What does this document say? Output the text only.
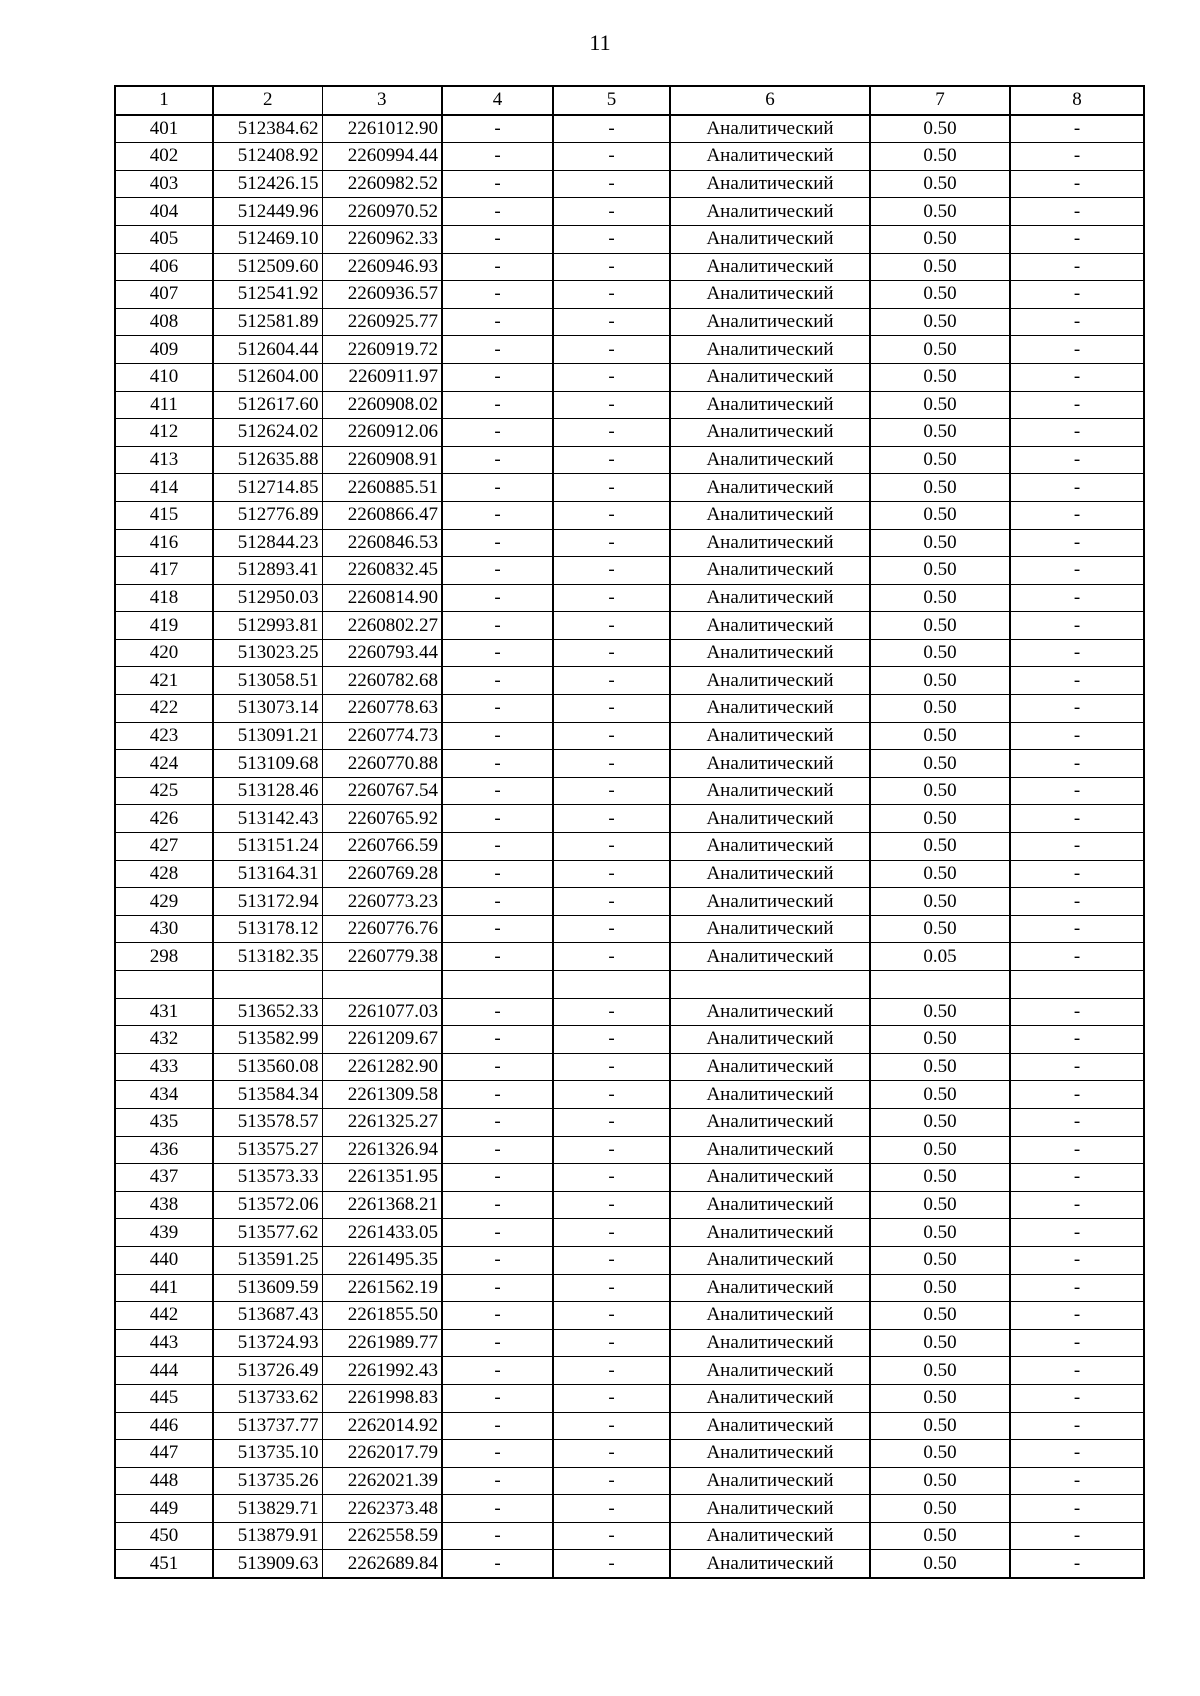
11
1	2	3	4	5	6	7	8
401	512384.62	2261012.90	-	-	Аналитический	0.50	-
402	512408.92	2260994.44	-	-	Аналитический	0.50	-
403	512426.15	2260982.52	-	-	Аналитический	0.50	-
404	512449.96	2260970.52	-	-	Аналитический	0.50	-
405	512469.10	2260962.33	-	-	Аналитический	0.50	-
406	512509.60	2260946.93	-	-	Аналитический	0.50	-
407	512541.92	2260936.57	-	-	Аналитический	0.50	-
408	512581.89	2260925.77	-	-	Аналитический	0.50	-
409	512604.44	2260919.72	-	-	Аналитический	0.50	-
410	512604.00	2260911.97	-	-	Аналитический	0.50	-
411	512617.60	2260908.02	-	-	Аналитический	0.50	-
412	512624.02	2260912.06	-	-	Аналитический	0.50	-
413	512635.88	2260908.91	-	-	Аналитический	0.50	-
414	512714.85	2260885.51	-	-	Аналитический	0.50	-
415	512776.89	2260866.47	-	-	Аналитический	0.50	-
416	512844.23	2260846.53	-	-	Аналитический	0.50	-
417	512893.41	2260832.45	-	-	Аналитический	0.50	-
418	512950.03	2260814.90	-	-	Аналитический	0.50	-
419	512993.81	2260802.27	-	-	Аналитический	0.50	-
420	513023.25	2260793.44	-	-	Аналитический	0.50	-
421	513058.51	2260782.68	-	-	Аналитический	0.50	-
422	513073.14	2260778.63	-	-	Аналитический	0.50	-
423	513091.21	2260774.73	-	-	Аналитический	0.50	-
424	513109.68	2260770.88	-	-	Аналитический	0.50	-
425	513128.46	2260767.54	-	-	Аналитический	0.50	-
426	513142.43	2260765.92	-	-	Аналитический	0.50	-
427	513151.24	2260766.59	-	-	Аналитический	0.50	-
428	513164.31	2260769.28	-	-	Аналитический	0.50	-
429	513172.94	2260773.23	-	-	Аналитический	0.50	-
430	513178.12	2260776.76	-	-	Аналитический	0.50	-
298	513182.35	2260779.38	-	-	Аналитический	0.05	-

431	513652.33	2261077.03	-	-	Аналитический	0.50	-
432	513582.99	2261209.67	-	-	Аналитический	0.50	-
433	513560.08	2261282.90	-	-	Аналитический	0.50	-
434	513584.34	2261309.58	-	-	Аналитический	0.50	-
435	513578.57	2261325.27	-	-	Аналитический	0.50	-
436	513575.27	2261326.94	-	-	Аналитический	0.50	-
437	513573.33	2261351.95	-	-	Аналитический	0.50	-
438	513572.06	2261368.21	-	-	Аналитический	0.50	-
439	513577.62	2261433.05	-	-	Аналитический	0.50	-
440	513591.25	2261495.35	-	-	Аналитический	0.50	-
441	513609.59	2261562.19	-	-	Аналитический	0.50	-
442	513687.43	2261855.50	-	-	Аналитический	0.50	-
443	513724.93	2261989.77	-	-	Аналитический	0.50	-
444	513726.49	2261992.43	-	-	Аналитический	0.50	-
445	513733.62	2261998.83	-	-	Аналитический	0.50	-
446	513737.77	2262014.92	-	-	Аналитический	0.50	-
447	513735.10	2262017.79	-	-	Аналитический	0.50	-
448	513735.26	2262021.39	-	-	Аналитический	0.50	-
449	513829.71	2262373.48	-	-	Аналитический	0.50	-
450	513879.91	2262558.59	-	-	Аналитический	0.50	-
451	513909.63	2262689.84	-	-	Аналитический	0.50	-
